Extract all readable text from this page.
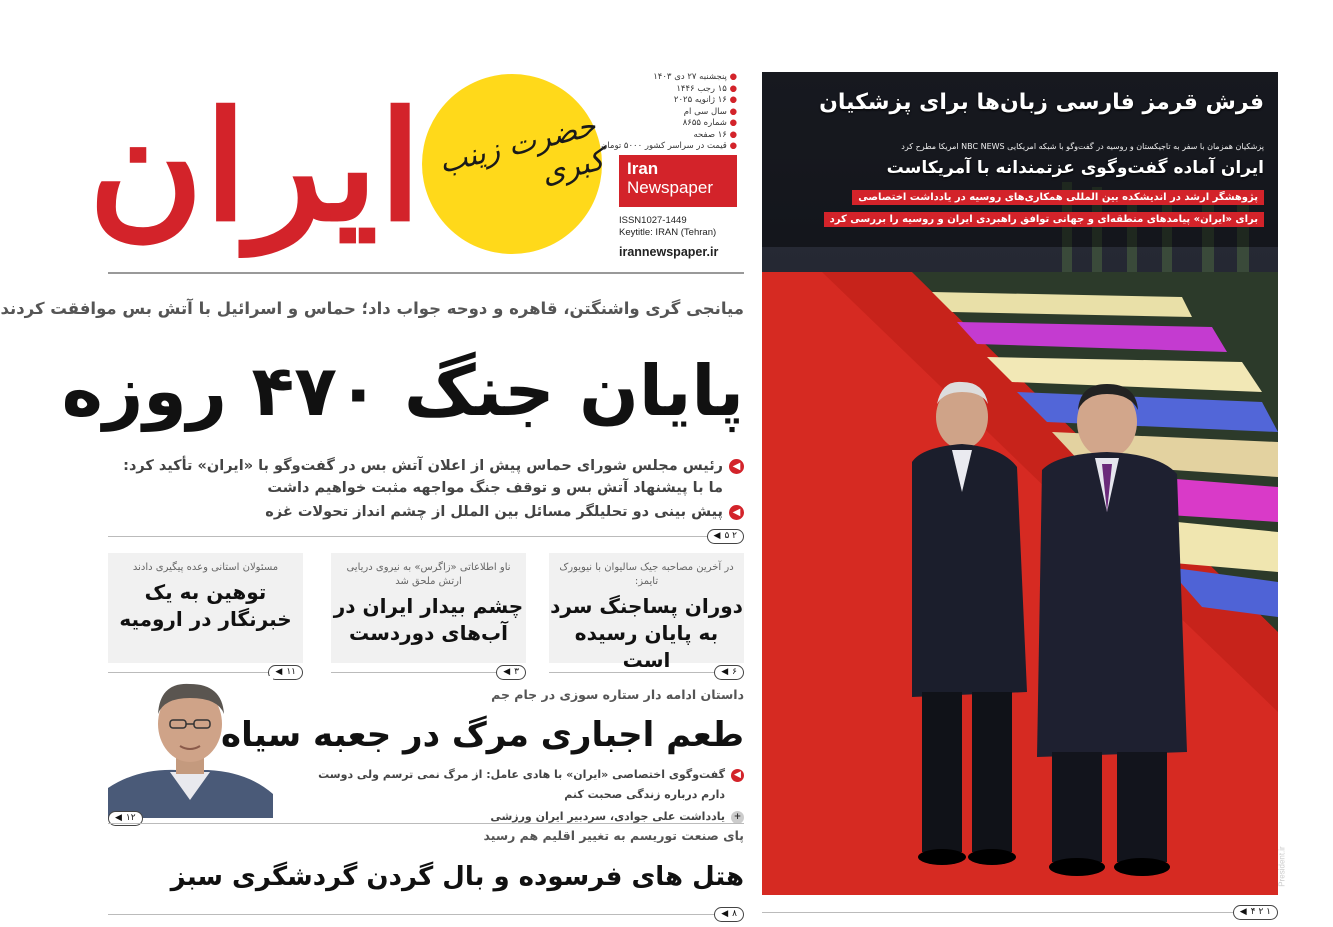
ایران حضرت زینب کبری
● پنجشنبه ۲۷ دی ۱۴۰۳
● ۱۵ رجب ۱۴۴۶
● ۱۶ ژانویه ۲۰۲۵
● سال سی ام
● شماره ۸۶۵۵
● ۱۶ صفحه
● قیمت در سراسر کشور ۵۰۰۰ تومان
Iran
Newspaper
ISSN1027-1449
Keytitle: IRAN (Tehran)
irannewspaper.ir
میانجی گری واشنگتن، قاهره و دوحه جواب داد؛ حماس و اسرائیل با آتش بس موافقت کردند
پایان جنگ ۴۷۰ روزه
◀
رئیس مجلس شورای حماس پیش از اعلان آتش بس در گفت‌وگو با «ایران» تأکید کرد: ما با پیشنهاد آتش بس و توقف جنگ مواجهه مثبت خواهیم داشت
◀
پیش بینی دو تحلیلگر مسائل بین الملل از چشم انداز تحولات غزه
۲ ۵
◀
در آخرین مصاحبه جیک سالیوان با نیویورک تایمز:
دوران پساجنگ سرد به پایان رسیده است
ناو اطلاعاتی «زاگرس» به نیروی دریایی ارتش ملحق شد
چشم بیدار ایران در آب‌های دوردست
مسئولان استانی وعده پیگیری دادند
توهین به یک خبرنگار در ارومیه
۶
◀
۳
◀
۱۱
◀
داستان ادامه دار ستاره سوزی در جام جم
طعم اجباری مرگ در جعبه سیاه
◀
گفت‌وگوی اختصاصی «ایران» با هادی عامل: از مرگ نمی ترسم ولی دوست دارم درباره زندگی صحبت کنم
+
یادداشت علی جوادی، سردبیر ایران ورزشی
۱۲
◀
پای صنعت توریسم به تغییر اقلیم هم رسید
هتل های فرسوده و بال گردن گردشگری سبز
۸
◀
فرش قرمز فارسی زبان‌ها برای پزشکیان
پزشکیان همزمان با سفر به تاجیکستان و روسیه در گفت‌وگو با شبکه امریکایی NBC NEWS امریکا مطرح کرد
ایران آماده گفت‌وگوی عزتمندانه با آمریکاست
پژوهشگر ارشد در اندیشکده بین المللی همکاری‌های روسیه در یادداشت اختصاصی
برای «ایران» پیامدهای منطقه‌ای و جهانی توافق راهبردی ایران و روسیه را بررسی کرد
President.ir
۱ ۲ ۴
◀
